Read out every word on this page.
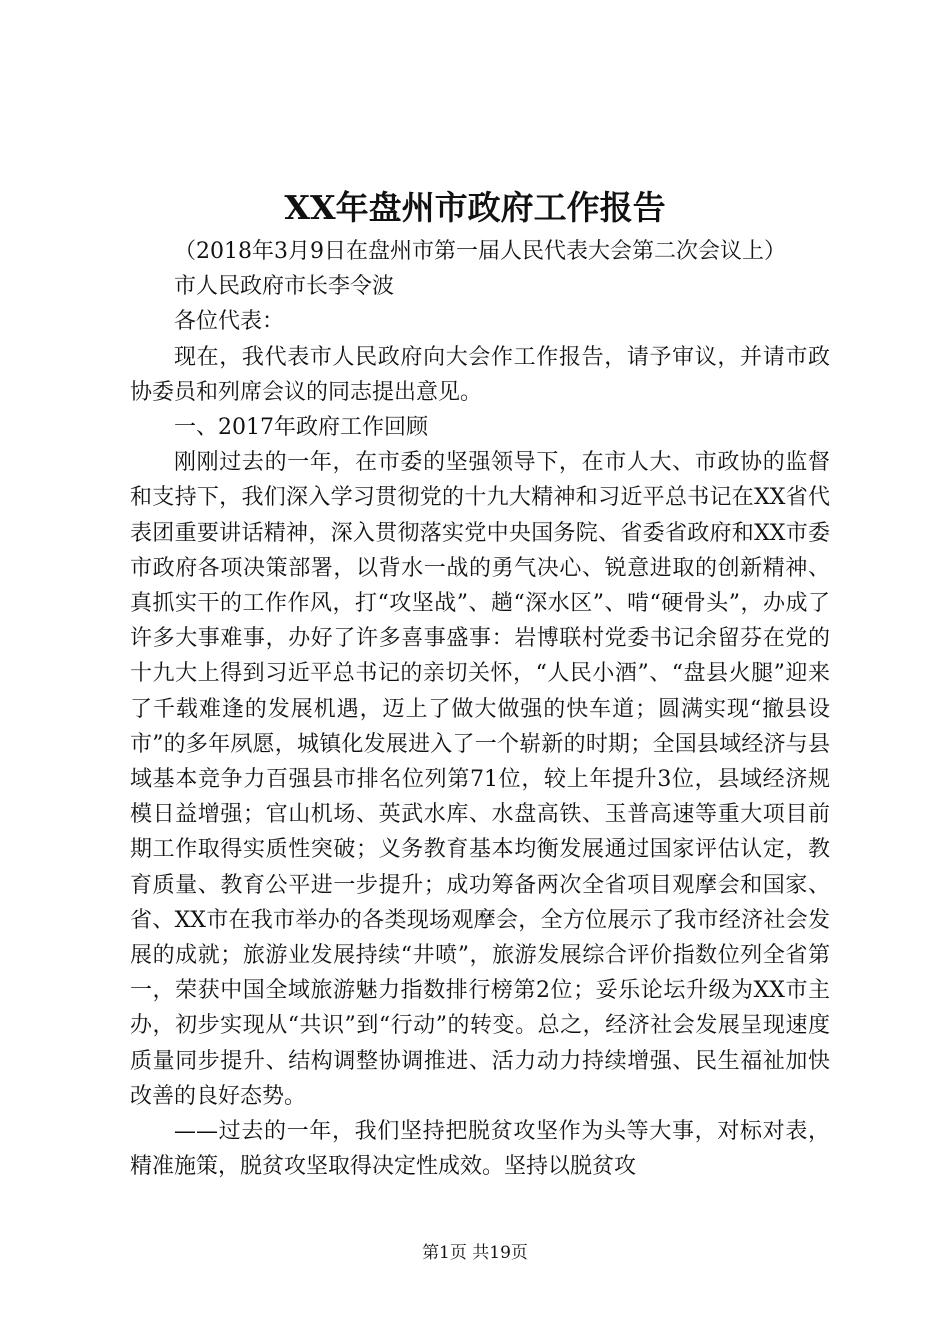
XX年盘州市政府工作报告

（2018年3月9日在盘州市第一届人民代表大会第二次会议上）

市人民政府市长李令波

各位代表：

现在，我代表市人民政府向大会作工作报告，请予审议，并请市政协委员和列席会议的同志提出意见。

一、2017年政府工作回顾

刚刚过去的一年，在市委的坚强领导下，在市人大、市政协的监督和支持下，我们深入学习贯彻党的十九大精神和习近平总书记在XX省代表团重要讲话精神，深入贯彻落实党中央国务院、省委省政府和XX市委市政府各项决策部署，以背水一战的勇气决心、锐意进取的创新精神、真抓实干的工作作风，打“攻坚战”、趟“深水区”、啃“硬骨头”，办成了许多大事难事，办好了许多喜事盛事：岩博联村党委书记余留芬在党的十九大上得到习近平总书记的亲切关怀，“人民小酒”、“盘县火腿”迎来了千载难逢的发展机遇，迈上了做大做强的快车道；圆满实现“撤县设市”的多年夙愿，城镇化发展进入了一个崭新的时期；全国县域经济与县域基本竞争力百强县市排名位列第71位，较上年提升3位，县域经济规模日益增强；官山机场、英武水库、水盘高铁、玉普高速等重大项目前期工作取得实质性突破；义务教育基本均衡发展通过国家评估认定，教育质量、教育公平进一步提升；成功筹备两次全省项目观摩会和国家、省、XX市在我市举办的各类现场观摩会，全方位展示了我市经济社会发展的成就；旅游业发展持续“井喷”，旅游发展综合评价指数位列全省第一，荣获中国全域旅游魅力指数排行榜第2位；妥乐论坛升级为XX市主办，初步实现从“共识”到“行动”的转变。总之，经济社会发展呈现速度质量同步提升、结构调整协调推进、活力动力持续增强、民生福祉加快改善的良好态势。

——过去的一年，我们坚持把脱贫攻坚作为头等大事，对标对表，精准施策，脱贫攻坚取得决定性成效。坚持以脱贫攻

第1页 共19页
